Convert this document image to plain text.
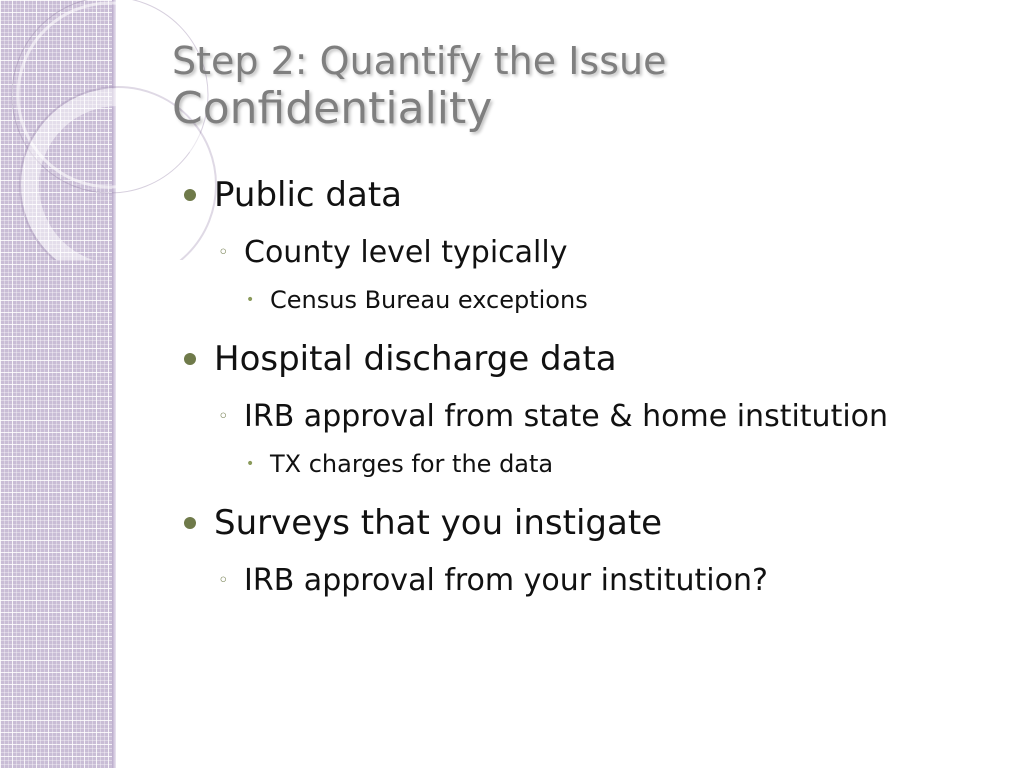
Step 2: Quantify the Issue
Confidentiality
Public data
◦ County level typically
• Census Bureau exceptions
Hospital discharge data
◦ IRB approval from state & home institution
• TX charges for the data
Surveys that you instigate
◦ IRB approval from your institution?
